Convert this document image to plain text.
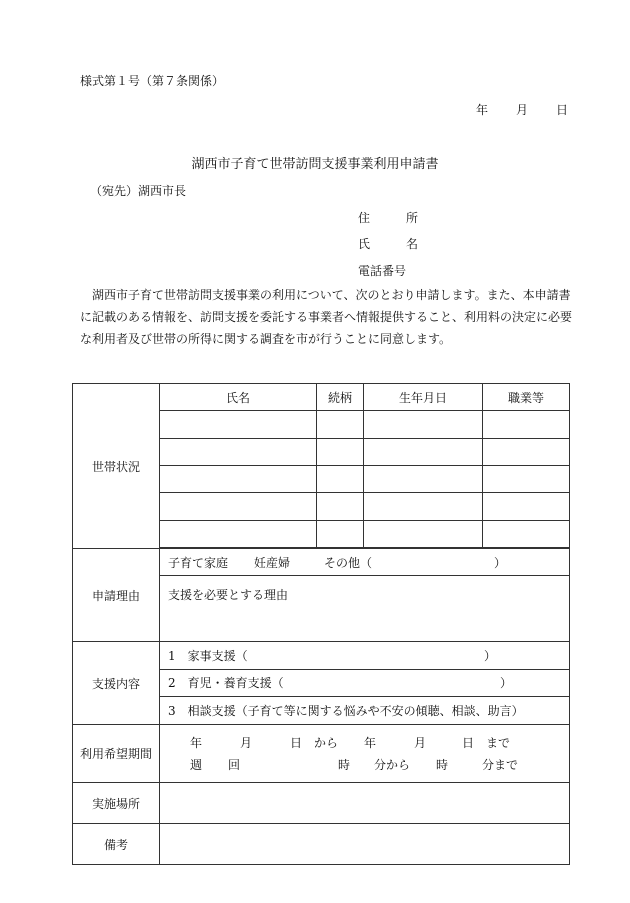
様式第１号（第７条関係）
年 月 日
湖西市子育て世帯訪問支援事業利用申請書
（宛先）湖西市長
住　所
氏　名
電話番号
湖西市子育て世帯訪問支援事業の利用について、次のとおり申請します。また、本申請書に記載のある情報を、訪問支援を委託する事業者へ情報提供すること、利用料の決定に必要な利用者及び世帯の所得に関する調査を市が行うことに同意します。
世帯状況	氏名	続柄	生年月日	職業等

申請理由	子育て家庭 妊産婦 その他（ ）			
	支援を必要とする理由			
支援内容	1　家事支援（ ）			
	2　育児・養育支援（ ）			
	3　相談支援（子育て等に関する悩みや不安の傾聴、相談、助言）			
利用希望期間	年 月 日 から 年 月 日 まで
週 回 時 分から 時 分まで			

実施場所				
備考				
